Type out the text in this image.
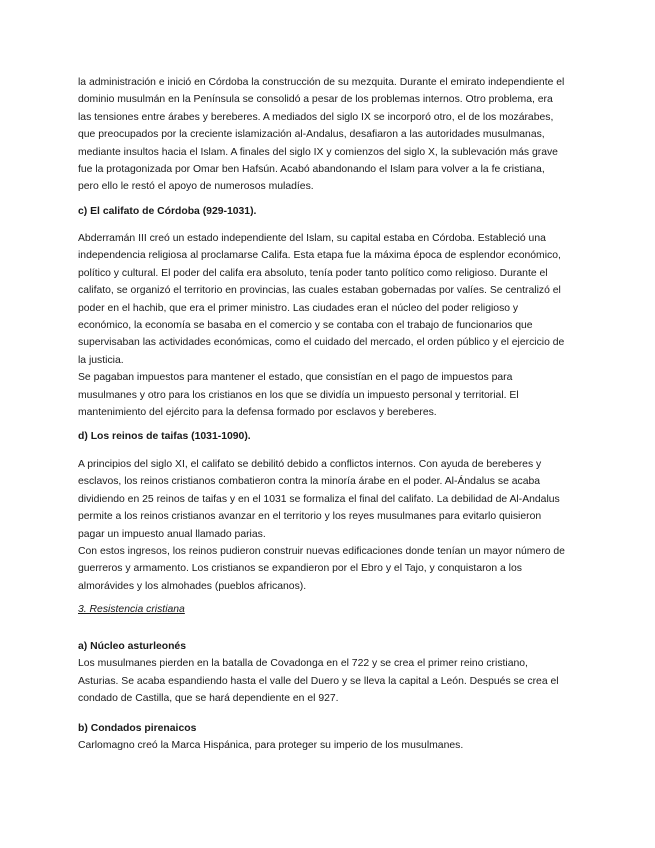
la administración e inició en Córdoba la construcción de su mezquita. Durante el emirato independiente el dominio musulmán en la Península se consolidó a pesar de los problemas internos. Otro problema, era las tensiones entre árabes y bereberes. A mediados del siglo IX se incorporó otro, el de los mozárabes, que preocupados por la creciente islamización al-Andalus, desafiaron a las autoridades musulmanas, mediante insultos hacia el Islam. A finales del siglo IX y comienzos del siglo X, la sublevación más grave fue la protagonizada por Omar ben Hafsún. Acabó abandonando el Islam para volver a la fe cristiana, pero ello le restó el apoyo de numerosos muladíes.

c) El califato de Córdoba (929-1031).

Abderramán III creó un estado independiente del Islam, su capital estaba en Córdoba. Estableció una independencia religiosa al proclamarse Califa. Esta etapa fue la máxima época de esplendor económico, político y cultural. El poder del califa era absoluto, tenía poder tanto político como religioso. Durante el califato, se organizó el territorio en provincias, las cuales estaban gobernadas por valíes. Se centralizó el poder en el hachib, que era el primer ministro. Las ciudades eran el núcleo del poder religioso y económico, la economía se basaba en el comercio y se contaba con el trabajo de funcionarios que supervisaban las actividades económicas, como el cuidado del mercado, el orden público y el ejercicio de la justicia.

Se pagaban impuestos para mantener el estado, que consistían en el pago de impuestos para musulmanes y otro para los cristianos en los que se dividía un impuesto personal y territorial. El mantenimiento del ejército para la defensa formado por esclavos y bereberes.

d) Los reinos de taifas (1031-1090).

A principios del siglo XI, el califato se debilitó debido a conflictos internos. Con ayuda de bereberes y esclavos, los reinos cristianos combatieron contra la minoría árabe en el poder. Al-Ándalus se acaba dividiendo en 25 reinos de taifas y en el 1031 se formaliza el final del califato. La debilidad de Al-Andalus permite a los reinos cristianos avanzar en el territorio y los reyes musulmanes para evitarlo quisieron pagar un impuesto anual llamado parias.

Con estos ingresos, los reinos pudieron construir nuevas edificaciones donde tenían un mayor número de guerreros y armamento. Los cristianos se expandieron por el Ebro y el Tajo, y conquistaron a los almorávides y los almohades (pueblos africanos).

3. Resistencia cristiana

a) Núcleo asturleonés

Los musulmanes pierden en la batalla de Covadonga en el 722 y se crea el primer reino cristiano, Asturias. Se acaba espandiendo hasta el valle del Duero y se lleva la capital a León. Después se crea el condado de Castilla, que se hará dependiente en el 927.

b) Condados pirenaicos

Carlomagno creó la Marca Hispánica, para proteger su imperio de los musulmanes.
